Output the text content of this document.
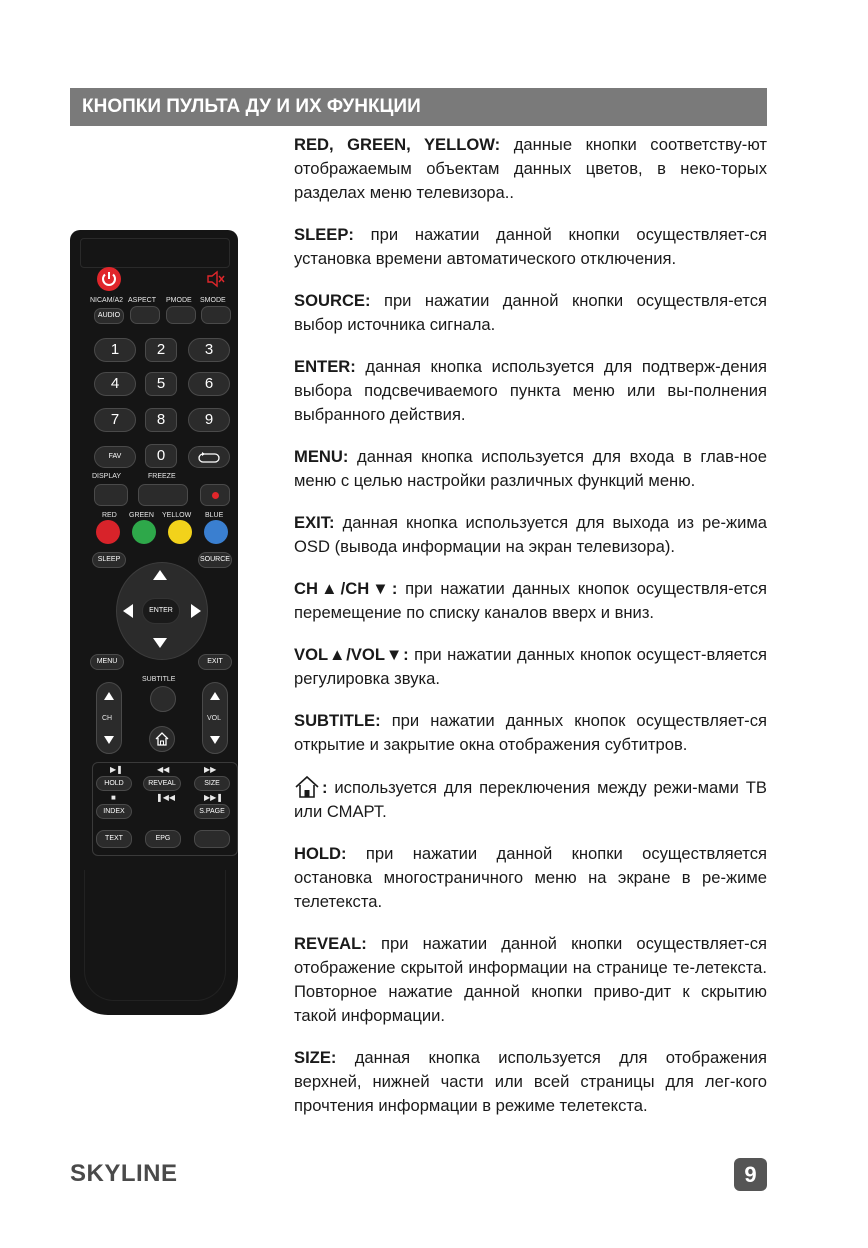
КНОПКИ ПУЛЬТА ДУ И ИХ ФУНКЦИИ
NICAM/A2 ASPECT PMODE SMODE
AUDIO
1	2	3
4	5	6
7	8	9
FAV	0
DISPLAY	FREEZE
RED GREEN YELLOW BLUE
SLEEP	SOURCE
ENTER
MENU	EXIT
SUBTITLE
CH	VOL
▶❚	◀◀	▶▶
HOLD	REVEAL	SIZE
■	❚◀◀	▶▶❚
INDEX	S.PAGE
TEXT	EPG

RED, GREEN, YELLOW: данные кнопки соответству-ют отображаемым объектам данных цветов, в неко-торых разделах меню телевизора..

SLEEP: при нажатии данной кнопки осуществляет-ся установка времени автоматического отключения.

SOURCE: при нажатии данной кнопки осуществля-ется выбор источника сигнала.

ENTER: данная кнопка используется для подтверж-дения выбора подсвечиваемого пункта меню или вы-полнения выбранного действия.

MENU: данная кнопка используется для входа в глав-ное меню с целью настройки различных функций меню.

EXIT: данная кнопка используется для выхода из ре-жима OSD (вывода информации на экран телевизора).

CH▲/CH▼: при нажатии данных кнопок осуществля-ется перемещение по списку каналов вверх и вниз.

VOL▲/VOL▼: при нажатии данных кнопок осущест-вляется регулировка звука.

SUBTITLE: при нажатии данных кнопок осуществляет-ся открытие и закрытие окна отображения субтитров.

: используется для переключения между режи-мами ТВ или СМАРТ.

HOLD: при нажатии данной кнопки осуществляется остановка многостраничного меню на экране в ре-жиме телетекста.

REVEAL: при нажатии данной кнопки осуществляет-ся отображение скрытой информации на странице те-летекста. Повторное нажатие данной кнопки приво-дит к скрытию такой информации.

SIZE: данная кнопка используется для отображения верхней, нижней части или всей страницы для лег-кого прочтения информации в режиме телетекста.

SKYLINE	9
